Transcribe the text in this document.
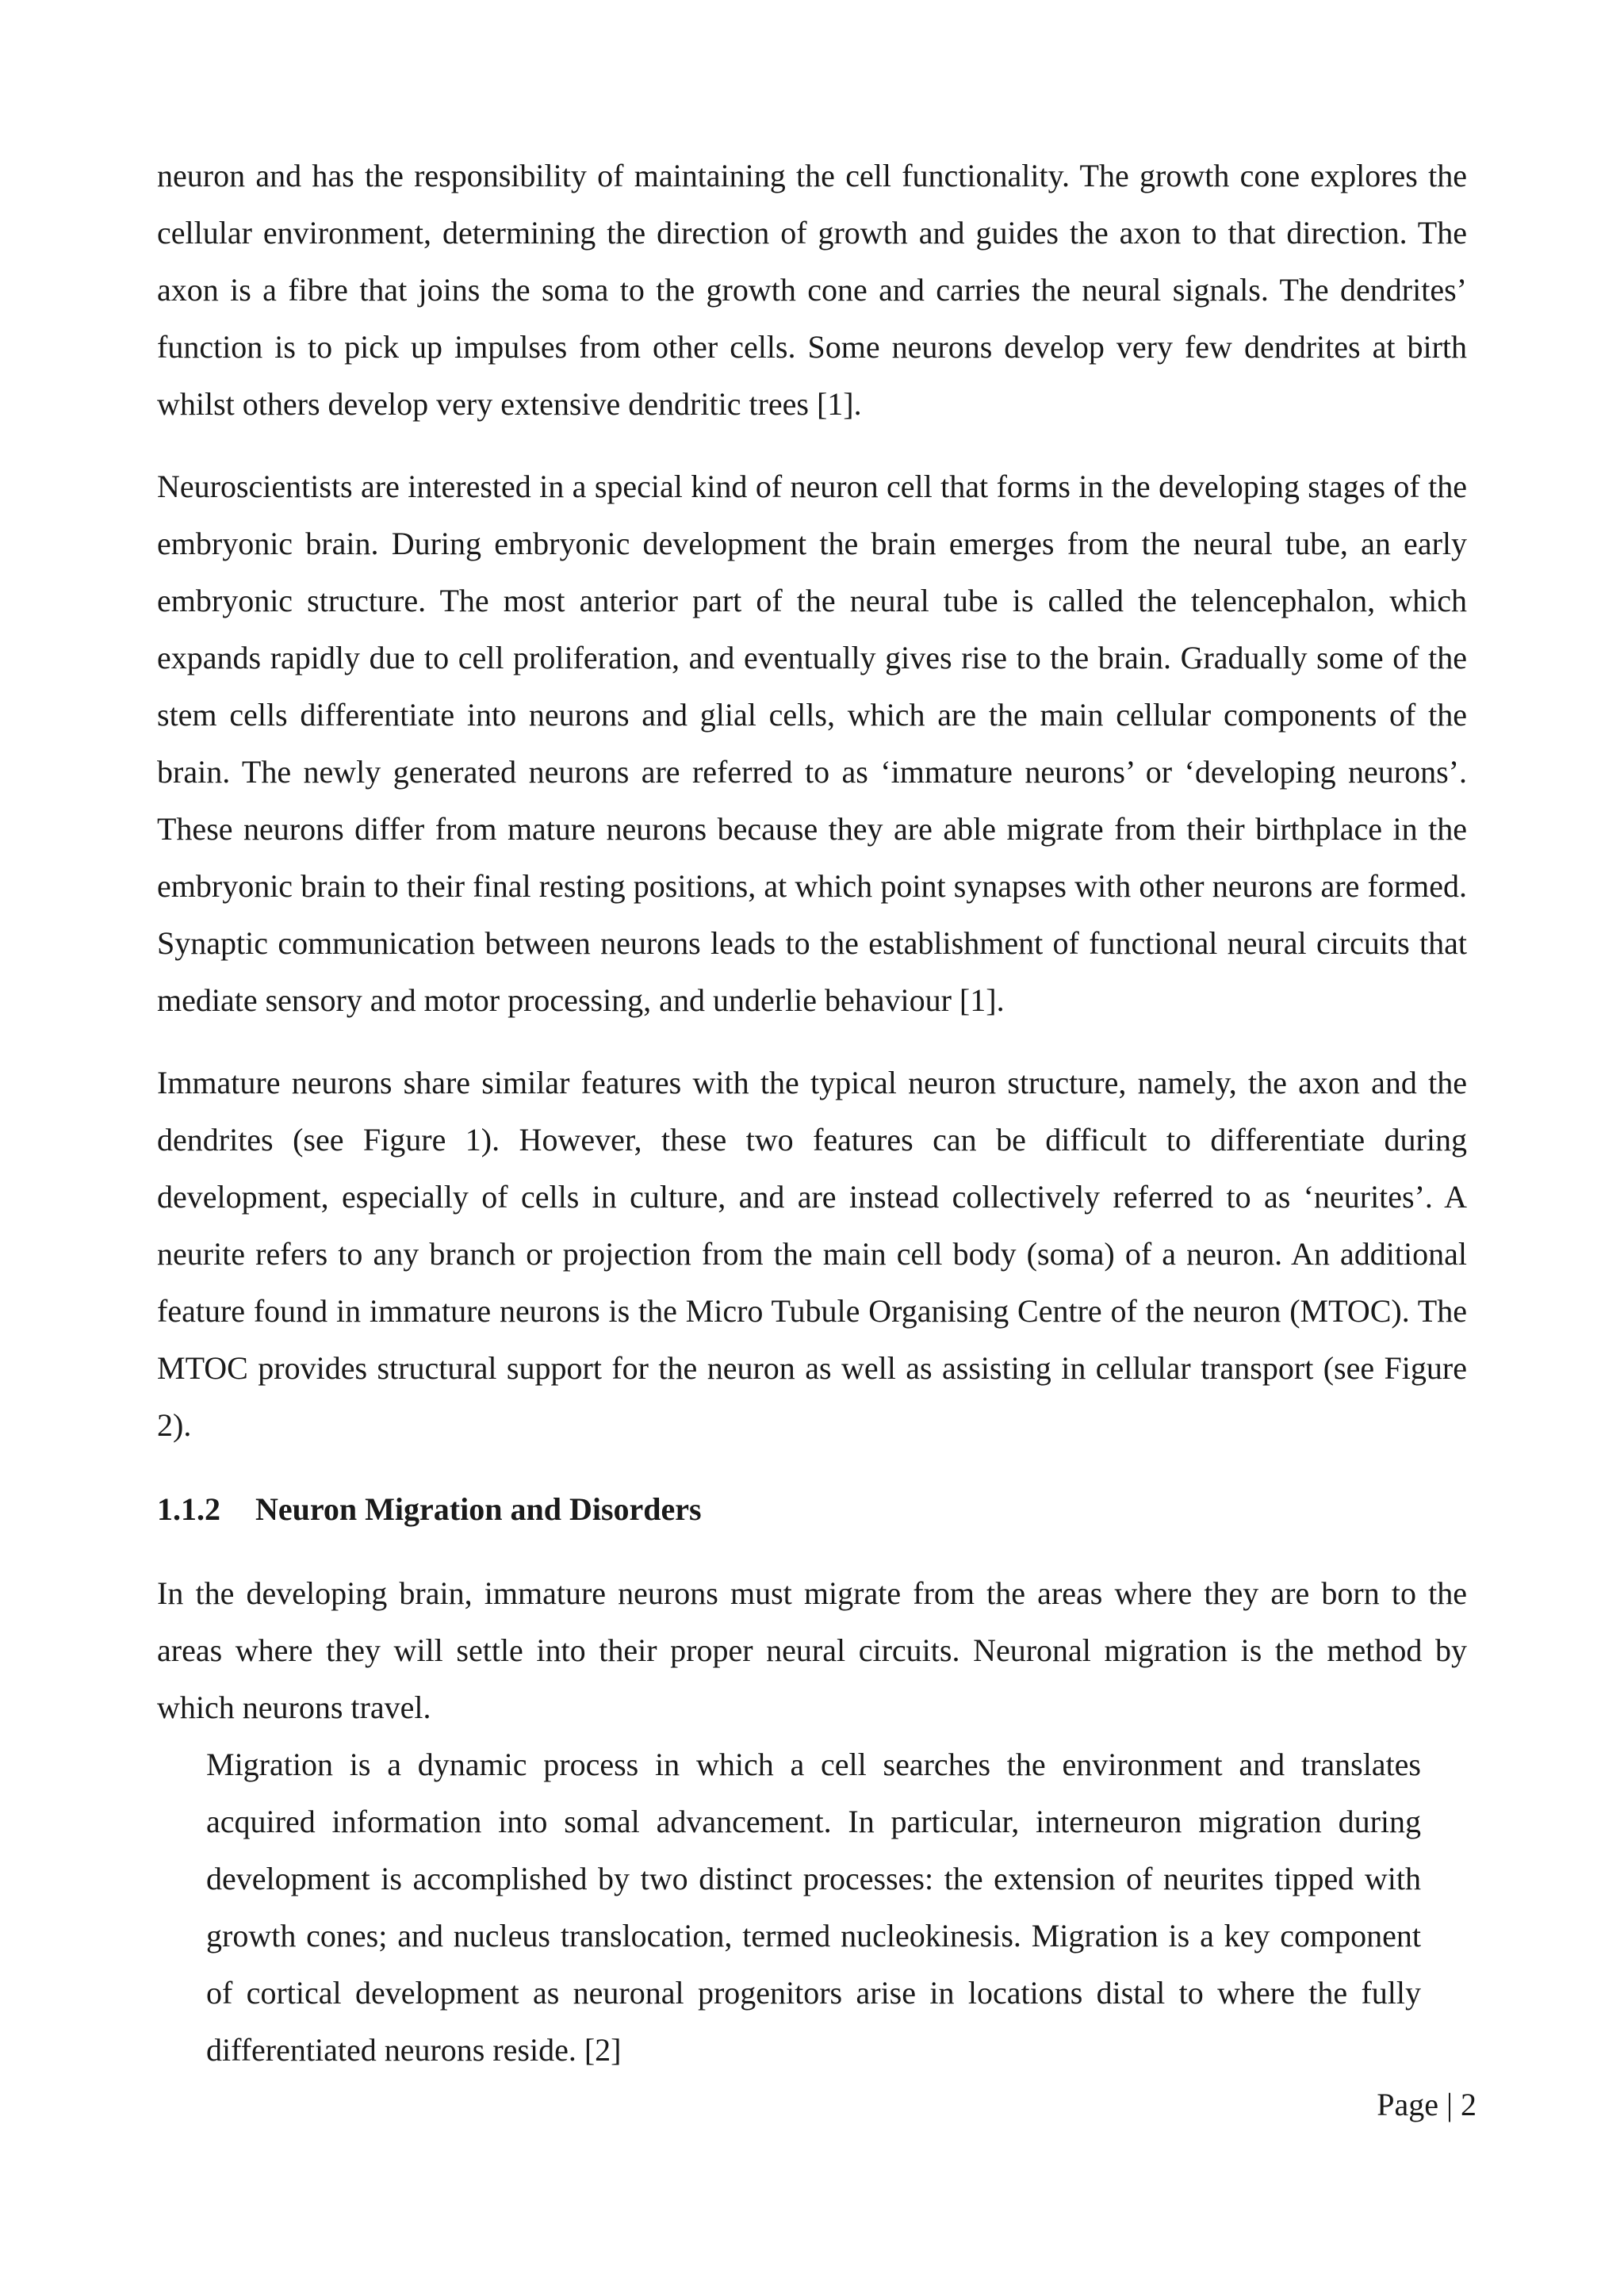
neuron and has the responsibility of maintaining the cell functionality. The growth cone explores the cellular environment, determining the direction of growth and guides the axon to that direction. The axon is a fibre that joins the soma to the growth cone and carries the neural signals. The dendrites’ function is to pick up impulses from other cells. Some neurons develop very few dendrites at birth whilst others develop very extensive dendritic trees [1].

Neuroscientists are interested in a special kind of neuron cell that forms in the developing stages of the embryonic brain. During embryonic development the brain emerges from the neural tube, an early embryonic structure. The most anterior part of the neural tube is called the telencephalon, which expands rapidly due to cell proliferation, and eventually gives rise to the brain. Gradually some of the stem cells differentiate into neurons and glial cells, which are the main cellular components of the brain. The newly generated neurons are referred to as ‘immature neurons’ or ‘developing neurons’. These neurons differ from mature neurons because they are able migrate from their birthplace in the embryonic brain to their final resting positions, at which point synapses with other neurons are formed. Synaptic communication between neurons leads to the establishment of functional neural circuits that mediate sensory and motor processing, and underlie behaviour [1].

Immature neurons share similar features with the typical neuron structure, namely, the axon and the dendrites (see Figure 1). However, these two features can be difficult to differentiate during development, especially of cells in culture, and are instead collectively referred to as ‘neurites’. A neurite refers to any branch or projection from the main cell body (soma) of a neuron. An additional feature found in immature neurons is the Micro Tubule Organising Centre of the neuron (MTOC). The MTOC provides structural support for the neuron as well as assisting in cellular transport (see Figure 2).

1.1.2 Neuron Migration and Disorders

In the developing brain, immature neurons must migrate from the areas where they are born to the areas where they will settle into their proper neural circuits. Neuronal migration is the method by which neurons travel.

Migration is a dynamic process in which a cell searches the environment and translates acquired information into somal advancement. In particular, interneuron migration during development is accomplished by two distinct processes: the extension of neurites tipped with growth cones; and nucleus translocation, termed nucleokinesis. Migration is a key component of cortical development as neuronal progenitors arise in locations distal to where the fully differentiated neurons reside. [2]

Page | 2
